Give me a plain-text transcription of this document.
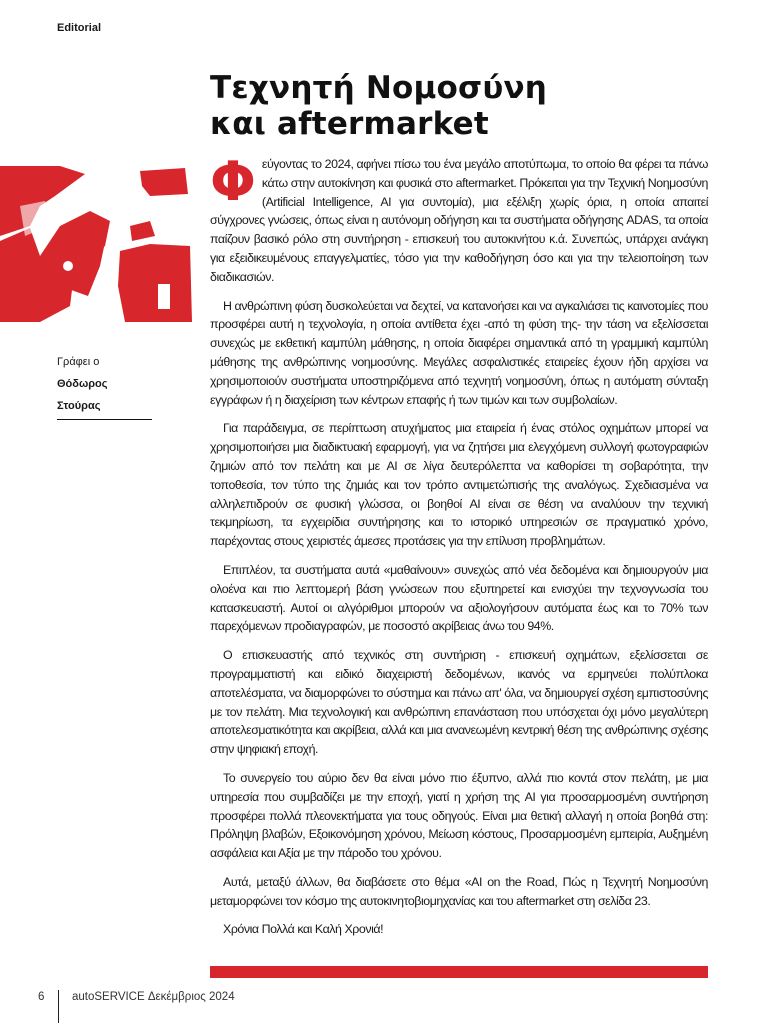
Editorial
Τεχνητή Νομοσύνη
και aftermarket
Γράφει ο
Θόδωρος Στούρας

Φεύγοντας το 2024, αφήνει πίσω του ένα μεγάλο αποτύπωμα, το οποίο θα φέρει τα πάνω κάτω στην αυτοκίνηση και φυσικά στο aftermarket. Πρόκειται για την Τεχνική Νοημοσύνη (Artificial Intelligence, AI για συντομία), μια εξέλιξη χωρίς όρια, η οποία απαιτεί σύγχρονες γνώσεις, όπως είναι η αυτόνομη οδήγηση και τα συστήματα οδήγησης ADAS, τα οποία παίζουν βασικό ρόλο στη συντήρηση - επισκευή του αυτοκινήτου κ.ά. Συνεπώς, υπάρχει ανάγκη για εξειδικευμένους επαγγελματίες, τόσο για την καθοδήγηση όσο και για την τελειοποίηση των διαδικασιών.

Η ανθρώπινη φύση δυσκολεύεται να δεχτεί, να κατανοήσει και να αγκαλιάσει τις καινοτομίες που προσφέρει αυτή η τεχνολογία, η οποία αντίθετα έχει -από τη φύση της- την τάση να εξελίσσεται συνεχώς με εκθετική καμπύλη μάθησης, η οποία διαφέρει σημαντικά από τη γραμμική καμπύλη μάθησης της ανθρώπινης νοημοσύνης. Μεγάλες ασφαλιστικές εταιρείες έχουν ήδη αρχίσει να χρησιμοποιούν συστήματα υποστηριζόμενα από τεχνητή νοημοσύνη, όπως η αυτόματη σύνταξη εγγράφων ή η διαχείριση των κέντρων επαφής ή των τιμών και των συμβολαίων.

Για παράδειγμα, σε περίπτωση ατυχήματος μια εταιρεία ή ένας στόλος οχημάτων μπορεί να χρησιμοποιήσει μια διαδικτυακή εφαρμογή, για να ζητήσει μια ελεγχόμενη συλλογή φωτογραφιών ζημιών από τον πελάτη και με AI σε λίγα δευτερόλεπτα να καθορίσει τη σοβαρότητα, την τοποθεσία, τον τύπο της ζημιάς και τον τρόπο αντιμετώπισής της αναλόγως. Σχεδιασμένα να αλληλεπιδρούν σε φυσική γλώσσα, οι βοηθοί AI είναι σε θέση να αναλύουν την τεχνική τεκμηρίωση, τα εγχειρίδια συντήρησης και το ιστορικό υπηρεσιών σε πραγματικό χρόνο, παρέχοντας στους χειριστές άμεσες προτάσεις για την επίλυση προβλημάτων.

Επιπλέον, τα συστήματα αυτά «μαθαίνουν» συνεχώς από νέα δεδομένα και δημιουργούν μια ολοένα και πιο λεπτομερή βάση γνώσεων που εξυπηρετεί και ενισχύει την τεχνογνωσία του κατασκευαστή. Αυτοί οι αλγόριθμοι μπορούν να αξιολογήσουν αυτόματα έως και το 70% των παρεχόμενων προδιαγραφών, με ποσοστό ακρίβειας άνω του 94%.

Ο επισκευαστής από τεχνικός στη συντήριση - επισκευή οχημάτων, εξελίσσεται σε προγραμματιστή και ειδικό διαχειριστή δεδομένων, ικανός να ερμηνεύει πολύπλοκα αποτελέσματα, να διαμορφώνει το σύστημα και πάνω απ' όλα, να δημιουργεί σχέση εμπιστοσύνης με τον πελάτη. Μια τεχνολογική και ανθρώπινη επανάσταση που υπόσχεται όχι μόνο μεγαλύτερη αποτελεσματικότητα και ακρίβεια, αλλά και μια ανανεωμένη κεντρική θέση της ανθρώπινης σχέσης στην ψηφιακή εποχή.

Το συνεργείο του αύριο δεν θα είναι μόνο πιο έξυπνο, αλλά πιο κοντά στον πελάτη, με μια υπηρεσία που συμβαδίζει με την εποχή, γιατί η χρήση της AI για προσαρμοσμένη συντήρηση προσφέρει πολλά πλεονεκτήματα για τους οδηγούς. Είναι μια θετική αλλαγή η οποία βοηθά στη: Πρόληψη βλαβών, Εξοικονόμηση χρόνου, Μείωση κόστους, Προσαρμοσμένη εμπειρία, Αυξημένη ασφάλεια και Αξία με την πάροδο του χρόνου.

Αυτά, μεταξύ άλλων, θα διαβάσετε στο θέμα «AI on the Road, Πώς η Τεχνητή Νοημοσύνη μεταμορφώνει τον κόσμο της αυτοκινητοβιομηχανίας και του aftermarket στη σελίδα 23.

Χρόνια Πολλά και Καλή Χρονιά!

6 autoSERVICE Δεκέμβριος 2024
